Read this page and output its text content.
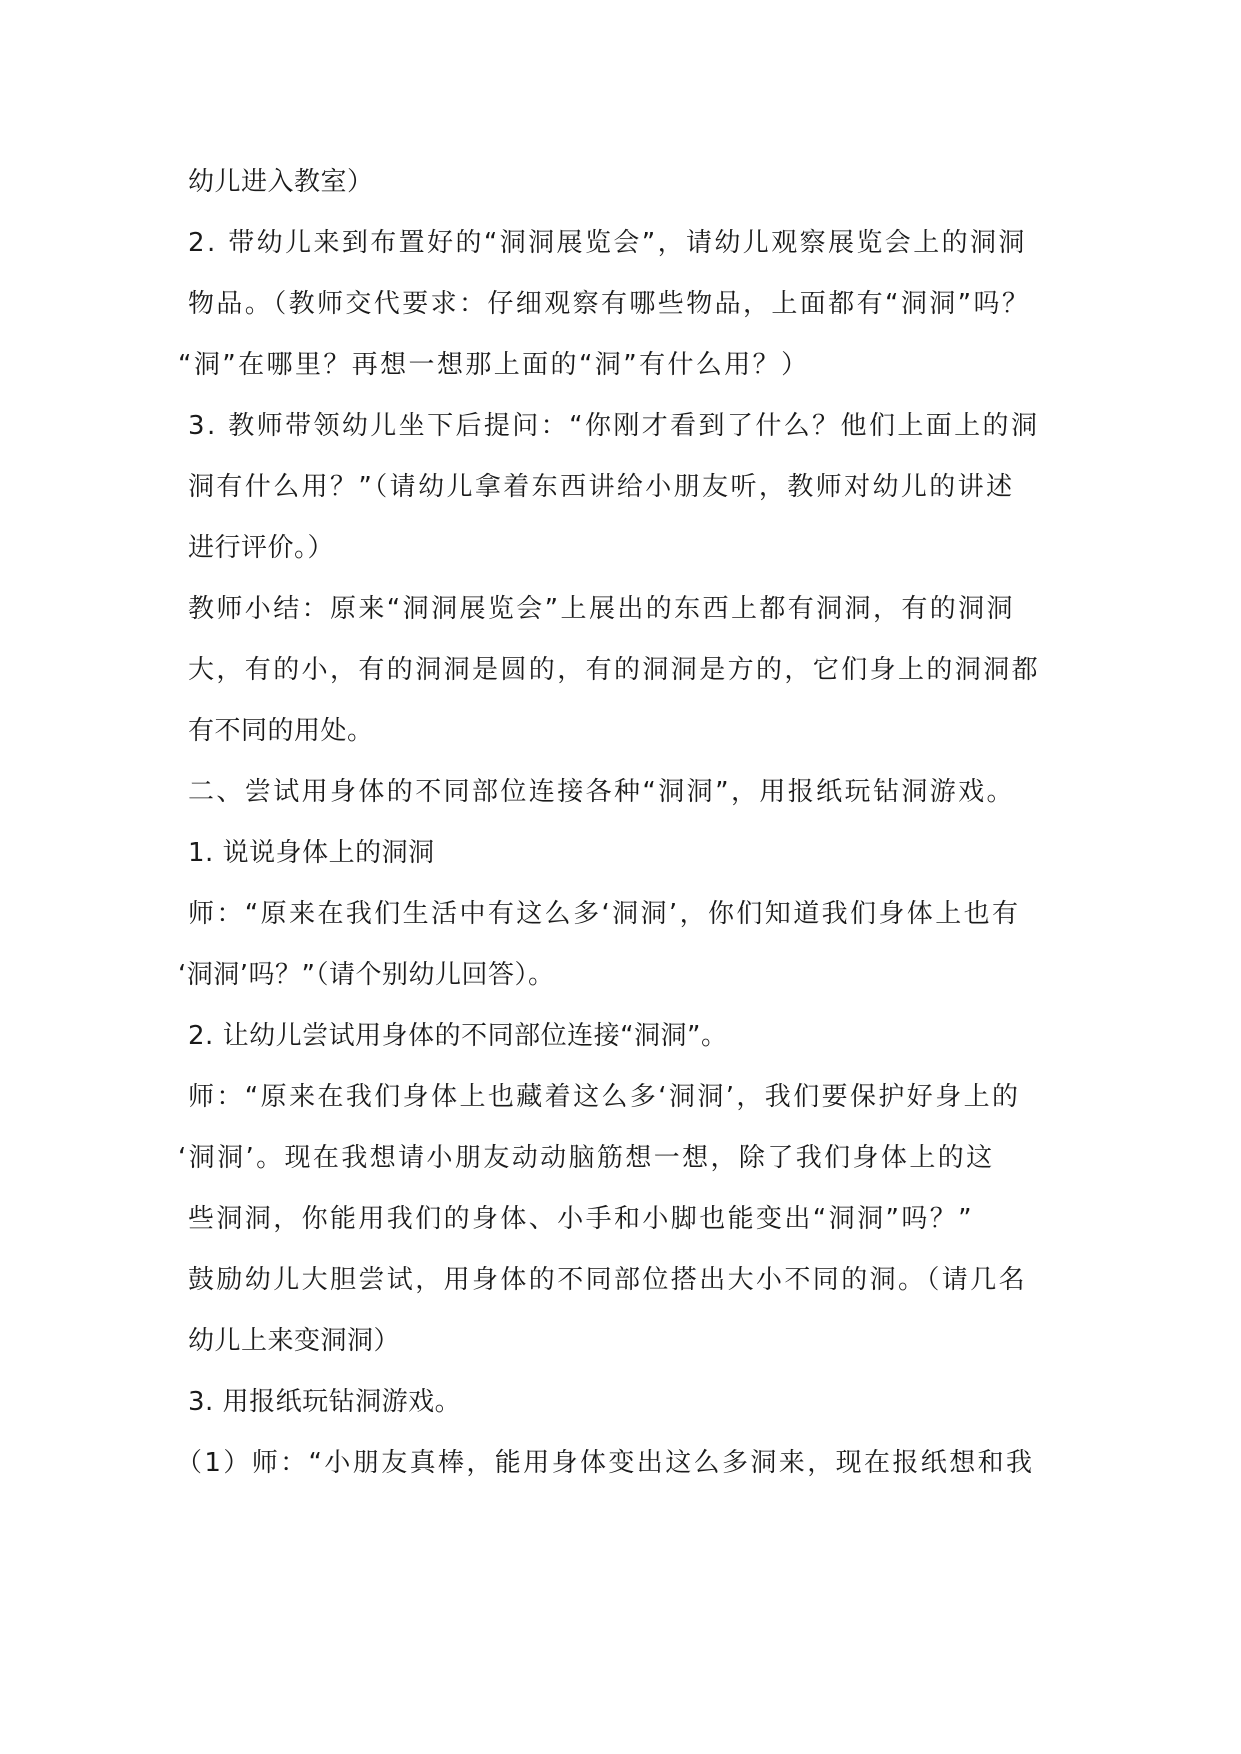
幼儿进入教室）
2. 带幼儿来到布置好的“洞洞展览会”，请幼儿观察展览会上的洞洞
物品。（教师交代要求：仔细观察有哪些物品，上面都有“洞洞”吗？
“洞”在哪里？再想一想那上面的“洞”有什么用？）
3. 教师带领幼儿坐下后提问：“你刚才看到了什么？他们上面上的洞
洞有什么用？”（请幼儿拿着东西讲给小朋友听，教师对幼儿的讲述
进行评价。）
教师小结：原来“洞洞展览会”上展出的东西上都有洞洞，有的洞洞
大，有的小，有的洞洞是圆的，有的洞洞是方的，它们身上的洞洞都
有不同的用处。
二、尝试用身体的不同部位连接各种“洞洞”，用报纸玩钻洞游戏。
1. 说说身体上的洞洞
师：“原来在我们生活中有这么多‘洞洞’，你们知道我们身体上也有
‘洞洞’吗？”（请个别幼儿回答）。
2. 让幼儿尝试用身体的不同部位连接“洞洞”。
师：“原来在我们身体上也藏着这么多‘洞洞’，我们要保护好身上的
‘洞洞’。现在我想请小朋友动动脑筋想一想，除了我们身体上的这
些洞洞，你能用我们的身体、小手和小脚也能变出“洞洞”吗？”
鼓励幼儿大胆尝试，用身体的不同部位搭出大小不同的洞。（请几名
幼儿上来变洞洞）
3. 用报纸玩钻洞游戏。
（1）师：“小朋友真棒，能用身体变出这么多洞来，现在报纸想和我
